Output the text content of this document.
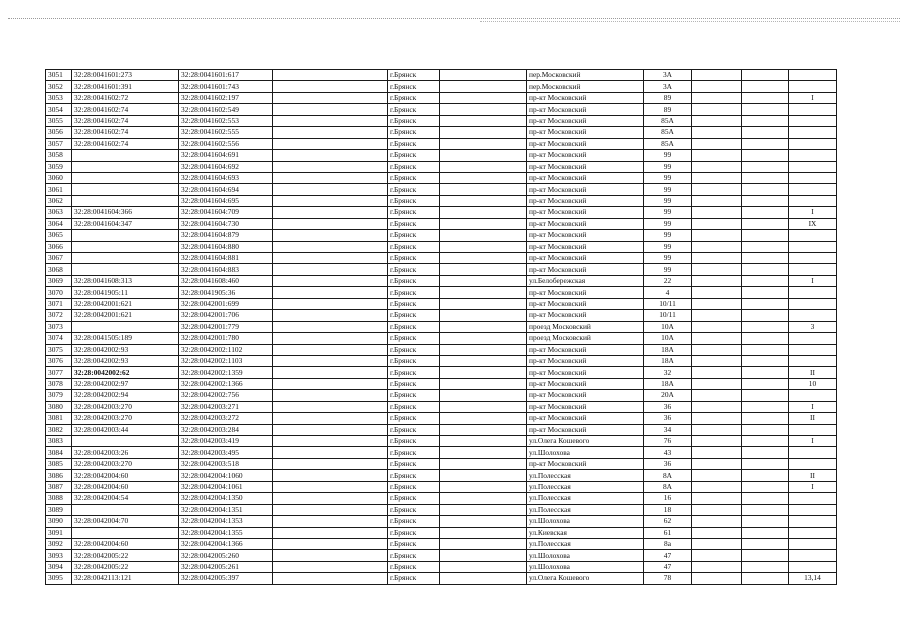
3051	32:28:0041601:273	32:28:0041601:617		г.Брянск		пер.Московский	3А			
3052	32:28:0041601:391	32:28:0041601:743		г.Брянск		пер.Московский	3А			
3053	32:28:0041602:72	32:28:0041602:197		г.Брянск		пр-кт Московский	89			I
3054	32:28:0041602:74	32:28:0041602:549		г.Брянск		пр-кт Московский	89			
3055	32:28:0041602:74	32:28:0041602:553		г.Брянск		пр-кт Московский	85А			
3056	32:28:0041602:74	32:28:0041602:555		г.Брянск		пр-кт Московский	85А			
3057	32:28:0041602:74	32:28:0041602:556		г.Брянск		пр-кт Московский	85А			
3058		32:28:0041604:691		г.Брянск		пр-кт Московский	99			
3059		32:28:0041604:692		г.Брянск		пр-кт Московский	99			
3060		32:28:0041604:693		г.Брянск		пр-кт Московский	99			
3061		32:28:0041604:694		г.Брянск		пр-кт Московский	99			
3062		32:28:0041604:695		г.Брянск		пр-кт Московский	99			
3063	32:28:0041604:366	32:28:0041604:709		г.Брянск		пр-кт Московский	99			I
3064	32:28:0041604:347	32:28:0041604:730		г.Брянск		пр-кт Московский	99			IX
3065		32:28:0041604:879		г.Брянск		пр-кт Московский	99			
3066		32:28:0041604:880		г.Брянск		пр-кт Московский	99			
3067		32:28:0041604:881		г.Брянск		пр-кт Московский	99			
3068		32:28:0041604:883		г.Брянск		пр-кт Московский	99			
3069	32:28:0041608:313	32:28:0041608:460		г.Брянск		ул.Белобережская	22			I
3070	32:28:0041905:11	32:28:0041905:36		г.Брянск		пр-кт Московский	4			
3071	32:28:0042001:621	32:28:0042001:699		г.Брянск		пр-кт Московский	10/11			
3072	32:28:0042001:621	32:28:0042001:706		г.Брянск		пр-кт Московский	10/11			
3073		32:28:0042001:779		г.Брянск		проезд Московский	10А			3
3074	32:28:0041505:189	32:28:0042001:780		г.Брянск		проезд Московский	10А			
3075	32:28:0042002:93	32:28:0042002:1102		г.Брянск		пр-кт Московский	18А			
3076	32:28:0042002:93	32:28:0042002:1103		г.Брянск		пр-кт Московский	18А			
3077	32:28:0042002:62	32:28:0042002:1359		г.Брянск		пр-кт Московский	32			II
3078	32:28:0042002:97	32:28:0042002:1366		г.Брянск		пр-кт Московский	18А			10
3079	32:28:0042002:94	32:28:0042002:756		г.Брянск		пр-кт Московский	20А			
3080	32:28:0042003:270	32:28:0042003:271		г.Брянск		пр-кт Московский	36			I
3081	32:28:0042003:270	32:28:0042003:272		г.Брянск		пр-кт Московский	36			II
3082	32:28:0042003:44	32:28:0042003:284		г.Брянск		пр-кт Московский	34			
3083		32:28:0042003:419		г.Брянск		ул.Олега Кошевого	76			I
3084	32:28:0042003:26	32:28:0042003:495		г.Брянск		ул.Шолохова	43			
3085	32:28:0042003:270	32:28:0042003:518		г.Брянск		пр-кт Московский	36			
3086	32:28:0042004:60	32:28:0042004:1060		г.Брянск		ул.Полесская	8А			II
3087	32:28:0042004:60	32:28:0042004:1061		г.Брянск		ул.Полесская	8А			I
3088	32:28:0042004:54	32:28:0042004:1350		г.Брянск		ул.Полесская	16			
3089		32:28:0042004:1351		г.Брянск		ул.Полесская	18			
3090	32:28:0042004:70	32:28:0042004:1353		г.Брянск		ул.Шолохова	62			
3091		32:28:0042004:1355		г.Брянск		ул.Киевская	61			
3092	32:28:0042004:60	32:28:0042004:1366		г.Брянск		ул.Полесская	8а			
3093	32:28:0042005:22	32:28:0042005:260		г.Брянск		ул.Шолохова	47			
3094	32:28:0042005:22	32:28:0042005:261		г.Брянск		ул.Шолохова	47			
3095	32:28:0042113:121	32:28:0042005:397		г.Брянск		ул.Олега Кошевого	78			13,14
